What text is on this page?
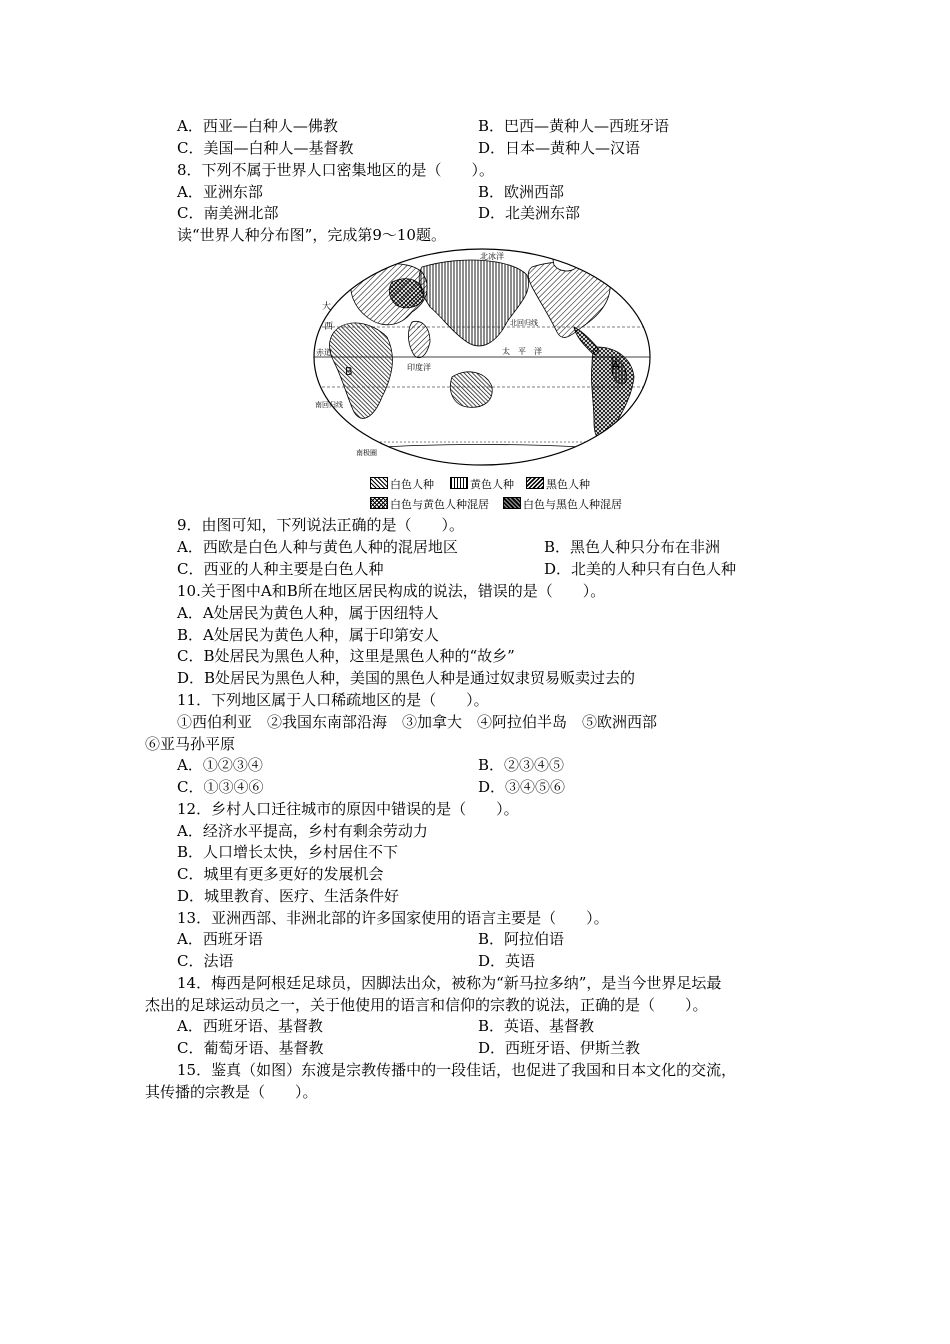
A．西亚—白种人—佛教	B．巴西—黄种人—西班牙语
C．美国—白种人—基督教	D．日本—黄种人—汉语
8．下列不属于世界人口密集地区的是（　　）。
A．亚洲东部	B．欧洲西部
C．南美洲北部	D．北美洲东部
读“世界人种分布图”，完成第9～10题。
北冰洋
大
西
赤道
北回归线
南回归线
印度洋
太　平　洋
南极圈
A
B
白色人种	黄色人种	黑色人种
白色与黄色人种混居	白色与黑色人种混居
9．由图可知，下列说法正确的是（　　）。
A．西欧是白色人种与黄色人种的混居地区	B．黑色人种只分布在非洲
C．西亚的人种主要是白色人种	D．北美的人种只有白色人种
10.关于图中A和B所在地区居民构成的说法，错误的是（　　）。
A．A处居民为黄色人种，属于因纽特人
B．A处居民为黄色人种，属于印第安人
C．B处居民为黑色人种，这里是黑色人种的“故乡”
D．B处居民为黑色人种，美国的黑色人种是通过奴隶贸易贩卖过去的
11．下列地区属于人口稀疏地区的是（　　）。
①西伯利亚　②我国东南部沿海　③加拿大　④阿拉伯半岛　⑤欧洲西部
⑥亚马孙平原
A．①②③④	B．②③④⑤
C．①③④⑥	D．③④⑤⑥
12．乡村人口迁往城市的原因中错误的是（　　）。
A．经济水平提高，乡村有剩余劳动力
B．人口增长太快，乡村居住不下
C．城里有更多更好的发展机会
D．城里教育、医疗、生活条件好
13．亚洲西部、非洲北部的许多国家使用的语言主要是（　　）。
A．西班牙语	B．阿拉伯语
C．法语	D．英语
14．梅西是阿根廷足球员，因脚法出众，被称为“新马拉多纳”，是当今世界足坛最
杰出的足球运动员之一，关于他使用的语言和信仰的宗教的说法，正确的是（　　）。
A．西班牙语、基督教	B．英语、基督教
C．葡萄牙语、基督教	D．西班牙语、伊斯兰教
15．鉴真（如图）东渡是宗教传播中的一段佳话，也促进了我国和日本文化的交流，
其传播的宗教是（　　）。
